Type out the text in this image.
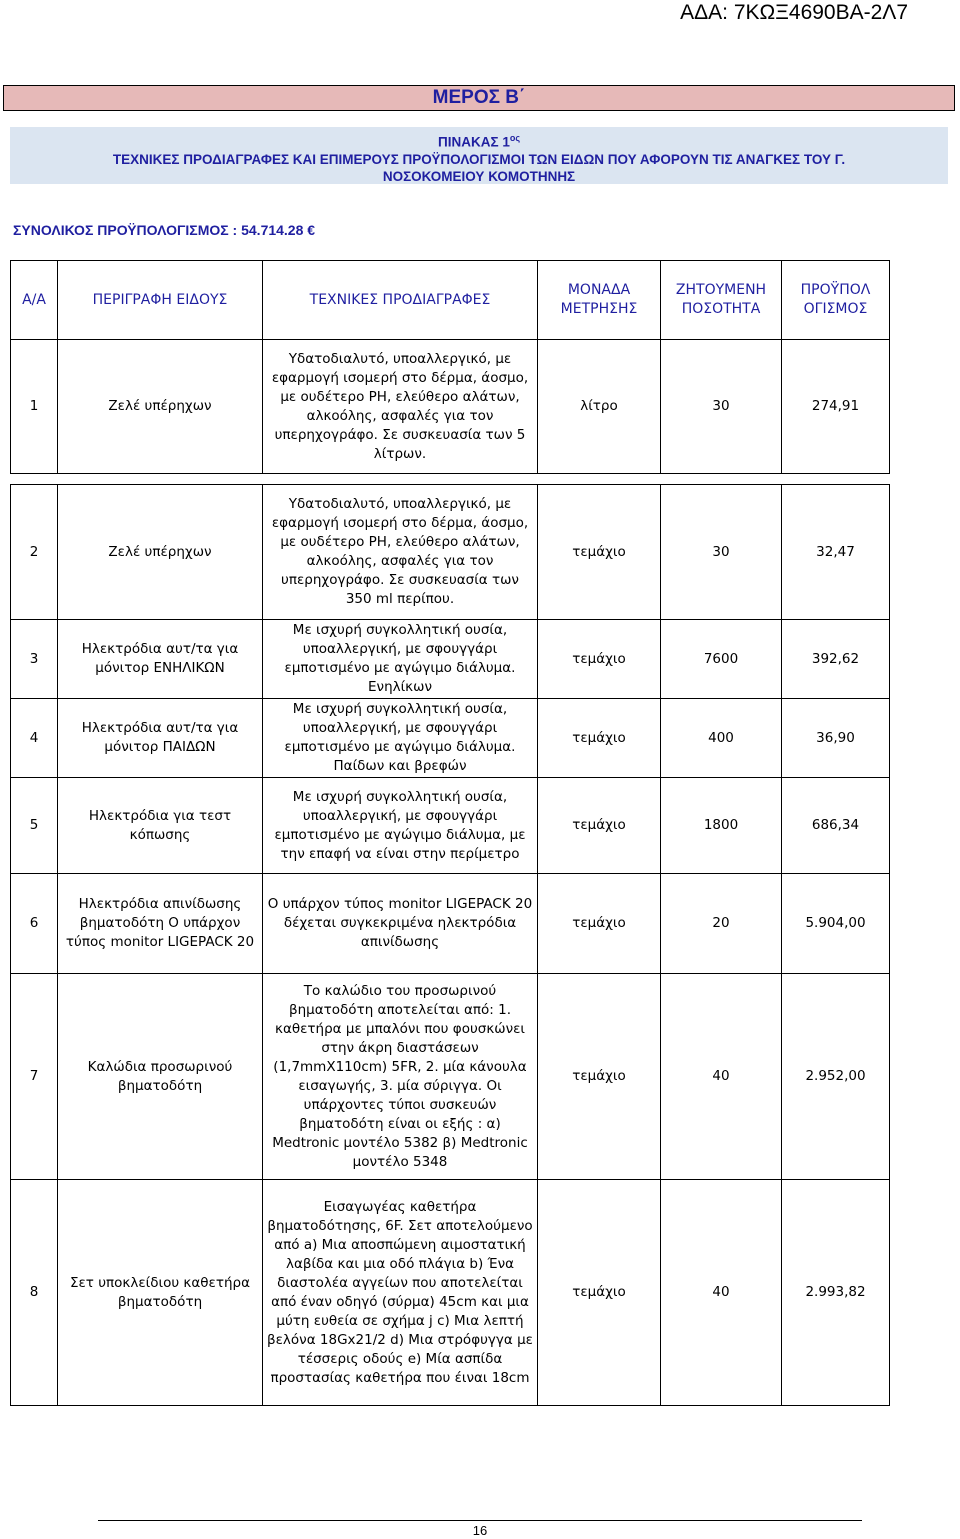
ΑΔΑ: 7ΚΩΞ4690ΒΑ-2Λ7
ΜΕΡΟΣ Β΄
ΠΙΝΑΚΑΣ $1^{o\varsigma}$
ΤΕΧΝΙΚΕΣ ΠΡΟΔΙΑΓΡΑΦΕΣ ΚΑΙ ΕΠΙΜΕΡΟΥΣ ΠΡΟΫΠΟΛΟΓΙΣΜΟΙ ΤΩΝ ΕΙΔΩΝ ΠΟΥ ΑΦΟΡΟΥΝ ΤΙΣ ΑΝΑΓΚΕΣ ΤΟΥ Γ.
ΝΟΣΟΚΟΜΕΙΟΥ ΚΟΜΟΤΗΝΗΣ
ΣΥΝΟΛΙΚΟΣ ΠΡΟΫΠΟΛΟΓΙΣΜΟΣ : 54.714.28 €
Α/Α	ΠΕΡΙΓΡΑΦΗ ΕΙΔΟΥΣ	ΤΕΧΝΙΚΕΣ ΠΡΟΔΙΑΓΡΑΦΕΣ	ΜΟΝΑΔΑ ΜΕΤΡΗΣΗΣ	ΖΗΤΟΥΜΕΝΗ ΠΟΣΟΤΗΤΑ	ΠΡΟΫΠΟΛ ΟΓΙΣΜΟΣ
1	Ζελέ υπέρηχων	Υδατοδιαλυτό, υποαλλεργικό, με εφαρμογή ισομερή στο δέρμα, άοσμο, με ουδέτερο PH, ελεύθερο αλάτων, αλκοόλης, ασφαλές για τον υπερηχογράφο. Σε συσκευασία των 5 λίτρων.	λίτρο	30	274,91

2	Ζελέ υπέρηχων	Υδατοδιαλυτό, υποαλλεργικό, με εφαρμογή ισομερή στο δέρμα, άοσμο, με ουδέτερο PH, ελεύθερο αλάτων, αλκοόλης, ασφαλές για τον υπερηχογράφο. Σε συσκευασία των 350 ml περίπου.	τεμάχιο	30	32,47
3	Ηλεκτρόδια αυτ/τα για μόνιτορ ΕΝΗΛΙΚΩΝ	Με ισχυρή συγκολλητική ουσία, υποαλλεργική, με σφουγγάρι εμποτισμένο με αγώγιμο διάλυμα. Ενηλίκων	τεμάχιο	7600	392,62
4	Ηλεκτρόδια αυτ/τα για μόνιτορ ΠΑΙΔΩΝ	Με ισχυρή συγκολλητική ουσία, υποαλλεργική, με σφουγγάρι εμποτισμένο με αγώγιμο διάλυμα. Παίδων και βρεφών	τεμάχιο	400	36,90
5	Ηλεκτρόδια για τεστ κόπωσης	Με ισχυρή συγκολλητική ουσία, υποαλλεργική, με σφουγγάρι εμποτισμένο με αγώγιμο διάλυμα, με την επαφή να είναι στην περίμετρο	τεμάχιο	1800	686,34
6	Ηλεκτρόδια απινίδωσης βηματοδότη Ο υπάρχον τύπος monitor LIGEPACK 20	Ο υπάρχον τύπος monitor LIGEPACK 20 δέχεται συγκεκριμένα ηλεκτρόδια απινίδωσης	τεμάχιο	20	5.904,00
7	Καλώδια προσωρινού βηματοδότη	Το καλώδιο του προσωρινού βηματοδότη αποτελείται από: 1. καθετήρα με μπαλόνι που φουσκώνει στην άκρη διαστάσεων (1,7mmX110cm) 5FR, 2. μία κάνουλα εισαγωγής, 3. μία σύριγγα. Οι υπάρχοντες τύποι συσκευών βηματοδότη είναι οι εξής : α) Medtronic μοντέλο 5382 β) Medtronic μοντέλο 5348	τεμάχιο	40	2.952,00
8	Σετ υποκλείδιου καθετήρα βηματοδότη	Εισαγωγέας καθετήρα βηματοδότησης, 6F. Σετ αποτελούμενο από a) Μια αποσπώμενη αιμοστατική λαβίδα και μια οδό πλάγια b) Ένα διαστολέα αγγείων που αποτελείται από έναν οδηγό (σύρμα) 45cm και μια μύτη ευθεία σε σχήμα j c) Μια λεπτή βελόνα 18Gx21/2 d) Μια στρόφυγγα με τέσσερις οδούς e) Μία ασπίδα προστασίας καθετήρα που έιναι 18cm	τεμάχιο	40	2.993,82
16
